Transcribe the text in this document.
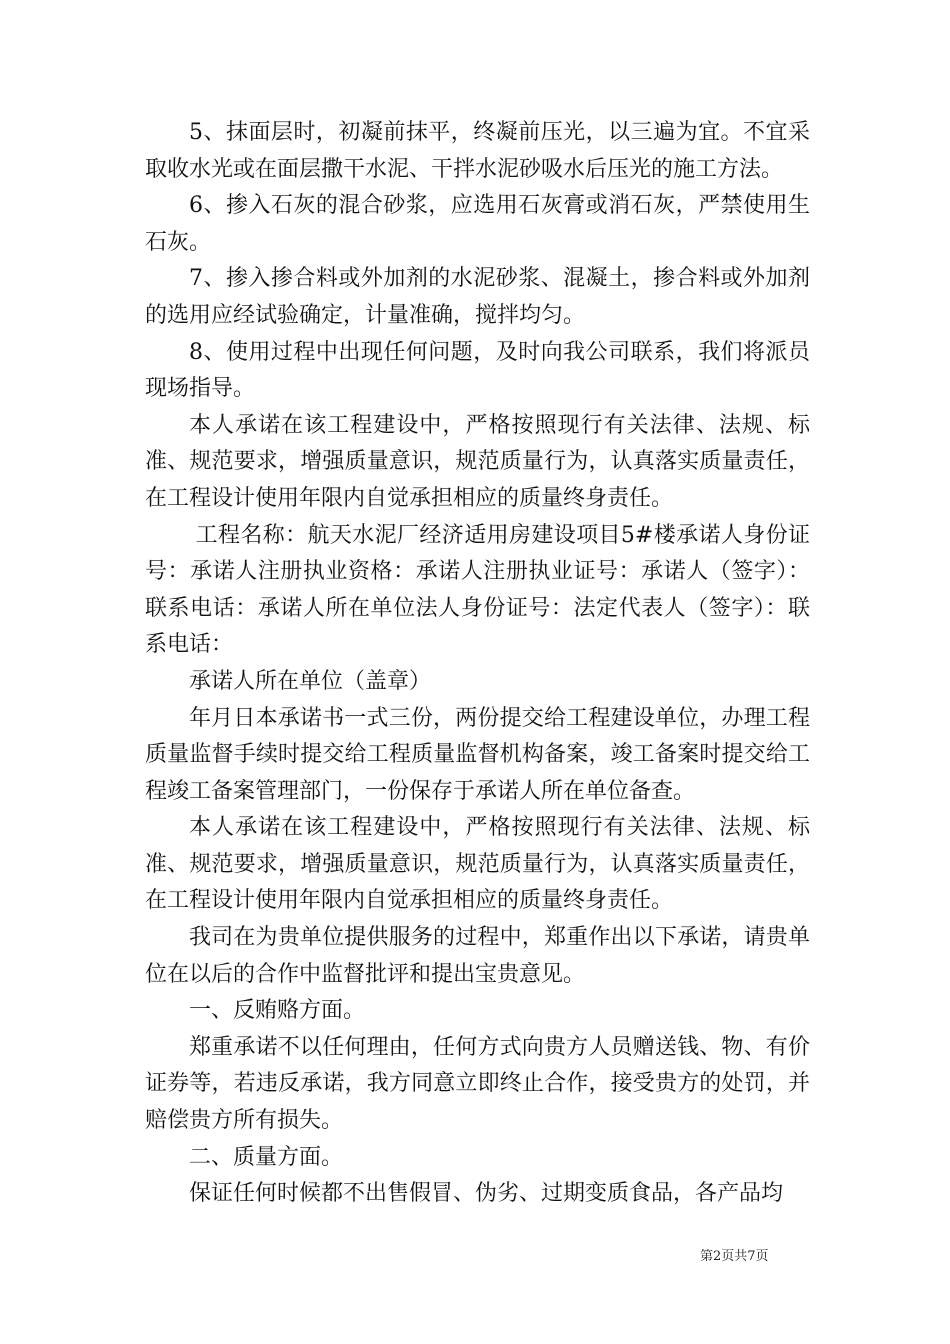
5、抹面层时，初凝前抹平，终凝前压光，以三遍为宜。不宜采取收水光或在面层撒干水泥、干拌水泥砂吸水后压光的施工方法。

6、掺入石灰的混合砂浆，应选用石灰膏或消石灰，严禁使用生石灰。

7、掺入掺合料或外加剂的水泥砂浆、混凝土，掺合料或外加剂的选用应经试验确定，计量准确，搅拌均匀。

8、使用过程中出现任何问题，及时向我公司联系，我们将派员现场指导。

本人承诺在该工程建设中，严格按照现行有关法律、法规、标准、规范要求，增强质量意识，规范质量行为，认真落实质量责任，在工程设计使用年限内自觉承担相应的质量终身责任。

工程名称：航天水泥厂经济适用房建设项目5#楼承诺人身份证号：承诺人注册执业资格：承诺人注册执业证号：承诺人（签字）：联系电话：承诺人所在单位法人身份证号：法定代表人（签字）：联系电话：

承诺人所在单位（盖章）

年月日本承诺书一式三份，两份提交给工程建设单位，办理工程质量监督手续时提交给工程质量监督机构备案，竣工备案时提交给工程竣工备案管理部门，一份保存于承诺人所在单位备查。

本人承诺在该工程建设中，严格按照现行有关法律、法规、标准、规范要求，增强质量意识，规范质量行为，认真落实质量责任，在工程设计使用年限内自觉承担相应的质量终身责任。

我司在为贵单位提供服务的过程中，郑重作出以下承诺，请贵单位在以后的合作中监督批评和提出宝贵意见。

一、反贿赂方面。

郑重承诺不以任何理由，任何方式向贵方人员赠送钱、物、有价证券等，若违反承诺，我方同意立即终止合作，接受贵方的处罚，并赔偿贵方所有损失。

二、质量方面。

保证任何时候都不出售假冒、伪劣、过期变质食品，各产品均

第2页共7页
